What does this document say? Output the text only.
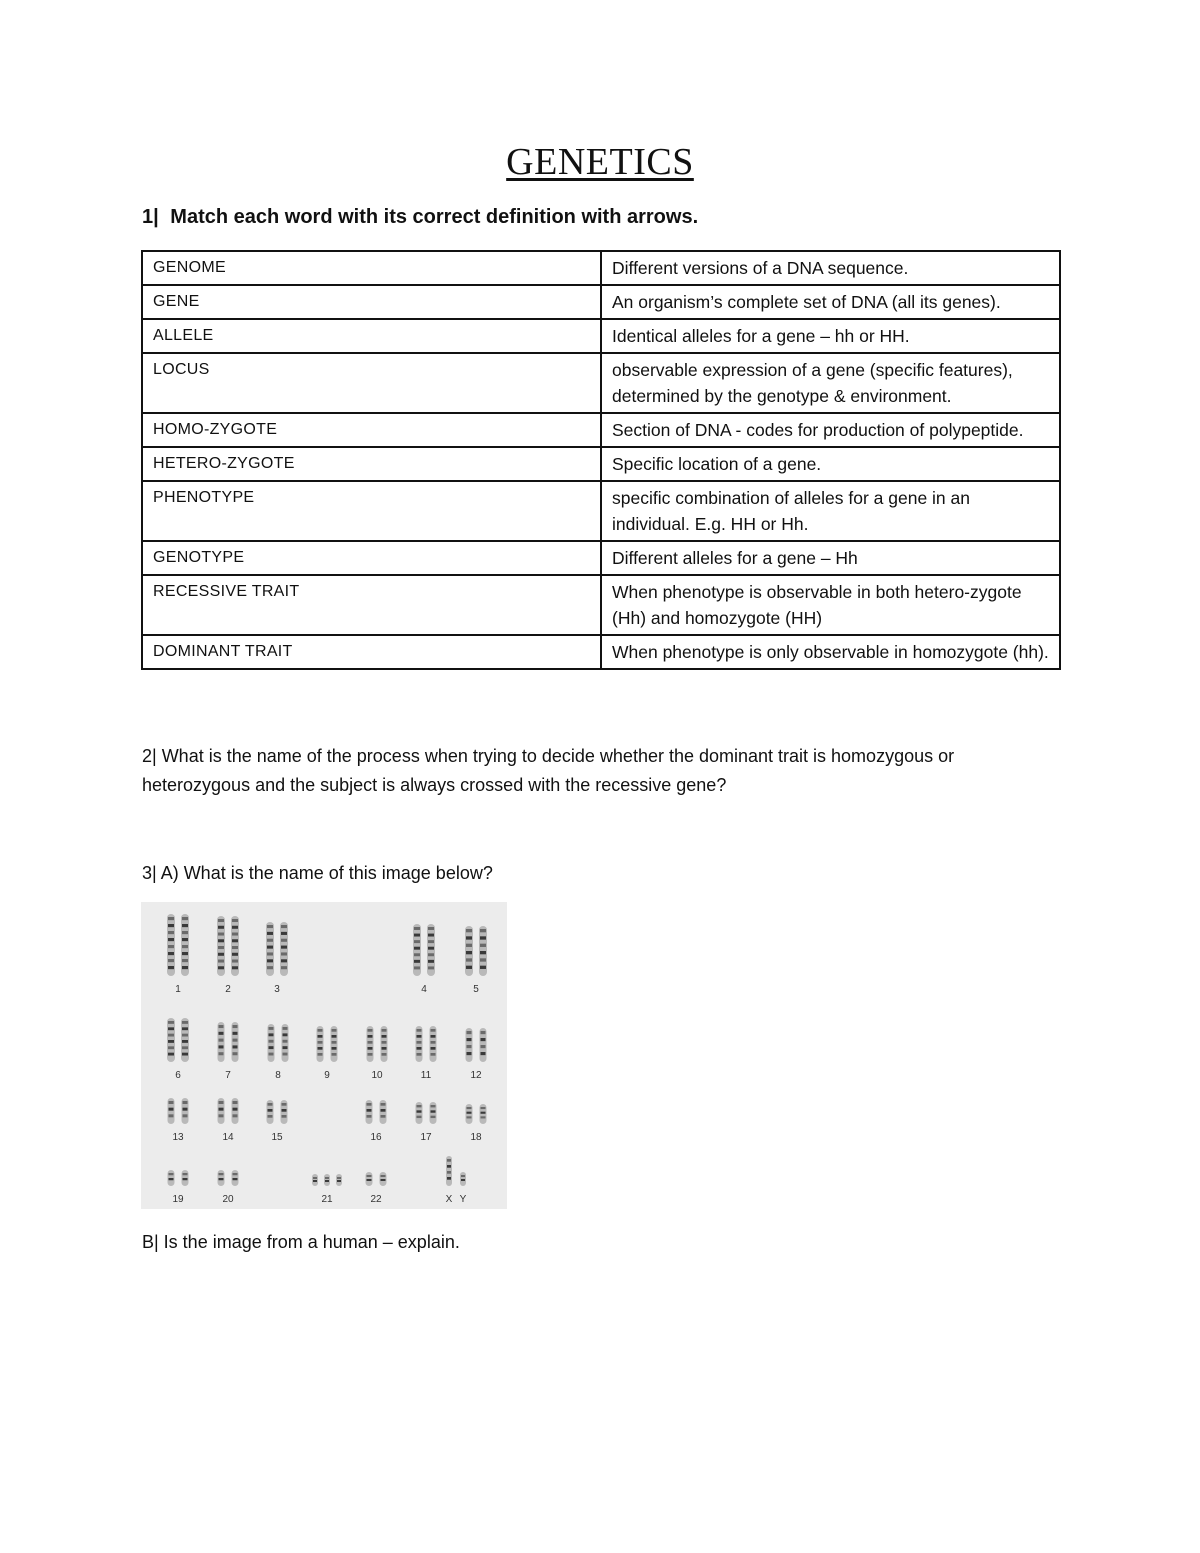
GENETICS
1| Match each word with its correct definition with arrows.
GENOME	Different versions of a DNA sequence.
GENE	An organism’s complete set of DNA (all its genes).
ALLELE	Identical alleles for a gene – hh or HH.
LOCUS	observable expression of a gene (specific features), determined by the genotype & environment.
HOMO-ZYGOTE	Section of DNA - codes for production of polypeptide.
HETERO-ZYGOTE	Specific location of a gene.
PHENOTYPE	specific combination of alleles for a gene in an individual. E.g. HH or Hh.
GENOTYPE	Different alleles for a gene – Hh
RECESSIVE TRAIT	When phenotype is observable in both hetero-zygote (Hh) and homozygote (HH)
DOMINANT TRAIT	When phenotype is only observable in homozygote (hh).
2| What is the name of the process when trying to decide whether the dominant trait is homozygous or heterozygous and the subject is always crossed with the recessive gene?
3| A) What is the name of this image below?
1	2	3	4	5
6	7	8	9	10	11	12
13	14	15	16	17	18
19	20	21	22	X Y
B| Is the image from a human – explain.
